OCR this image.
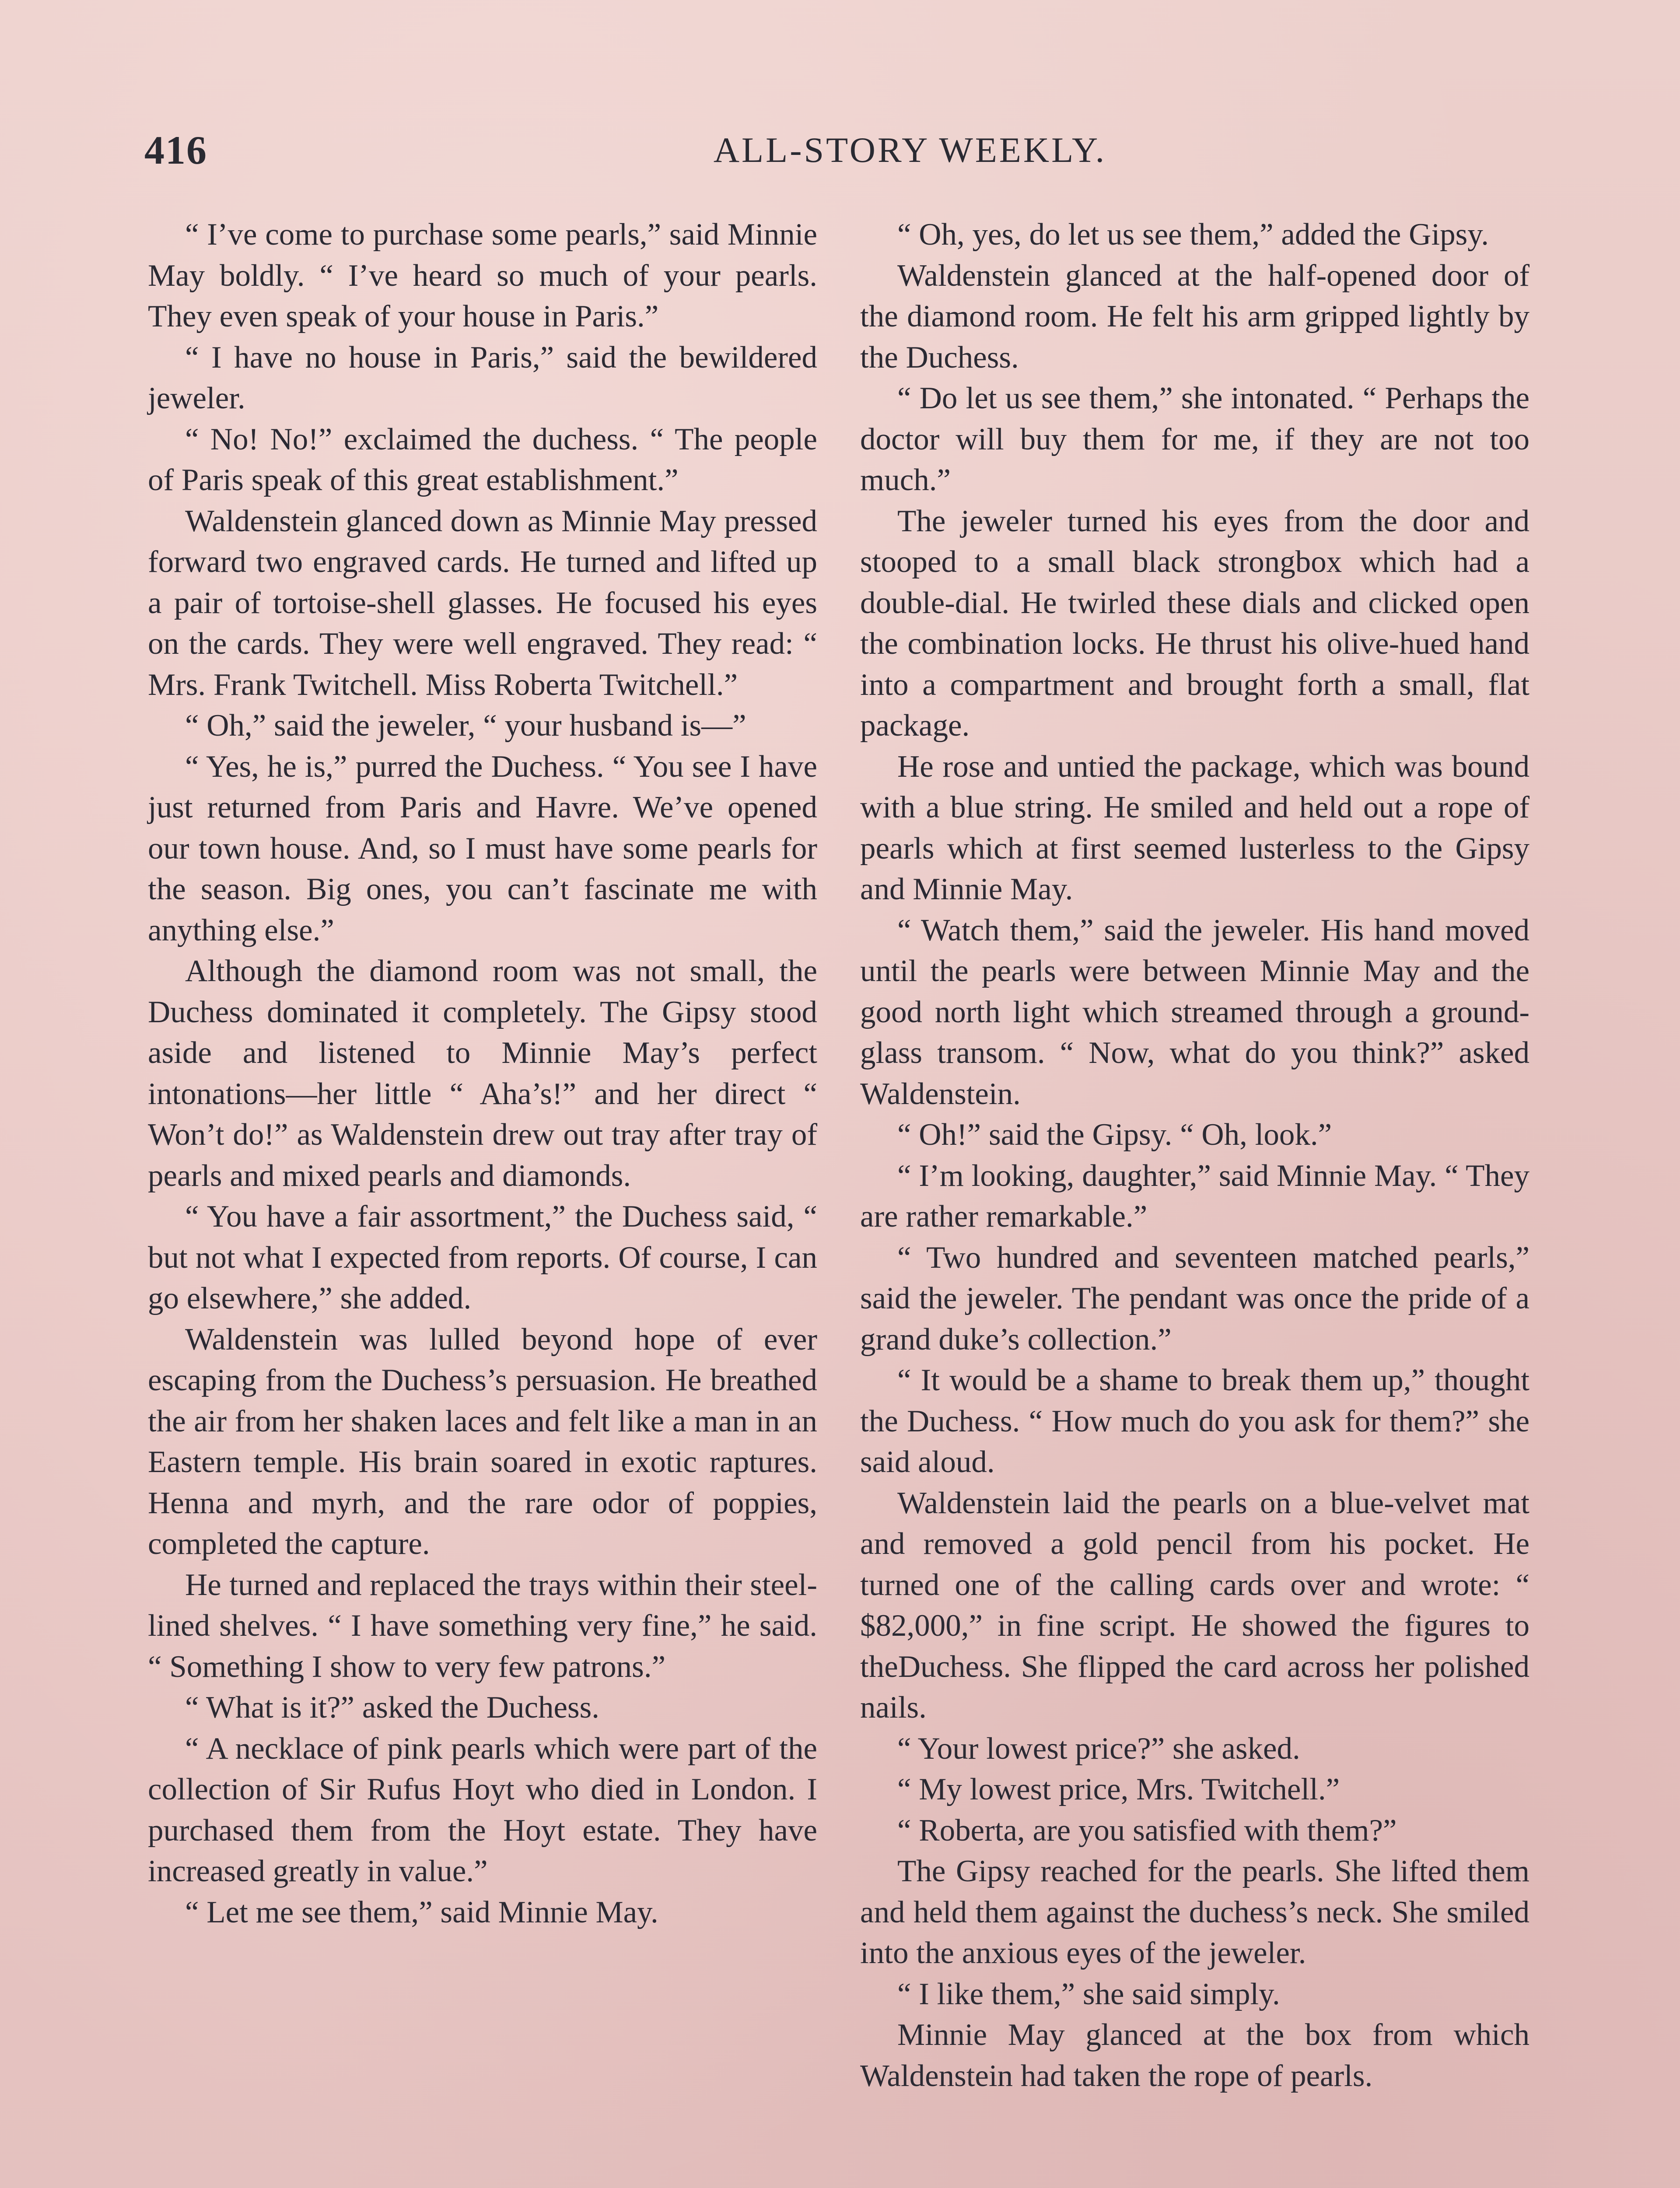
416	ALL-STORY WEEKLY.

“ I’ve come to purchase some pearls,” said Minnie May boldly. “ I’ve heard so much of your pearls. They even speak of your house in Paris.”

“ I have no house in Paris,” said the bewildered jeweler.

“ No! No!” exclaimed the duchess. “ The people of Paris speak of this great establishment.”

Waldenstein glanced down as Minnie May pressed forward two engraved cards. He turned and lifted up a pair of tortoise-shell glasses. He focused his eyes on the cards. They were well engraved. They read: “ Mrs. Frank Twitchell. Miss Roberta Twitchell.”

“ Oh,” said the jeweler, “ your husband is—”

“ Yes, he is,” purred the Duchess. “ You see I have just returned from Paris and Havre. We’ve opened our town house. And, so I must have some pearls for the season. Big ones, you can’t fascinate me with anything else.”

Although the diamond room was not small, the Duchess dominated it completely. The Gipsy stood aside and listened to Minnie May’s perfect intonations—her little “ Aha’s!” and her direct “ Won’t do!” as Waldenstein drew out tray after tray of pearls and mixed pearls and diamonds.

“ You have a fair assortment,” the Duchess said, “ but not what I expected from reports. Of course, I can go elsewhere,” she added.

Waldenstein was lulled beyond hope of ever escaping from the Duchess’s persuasion. He breathed the air from her shaken laces and felt like a man in an Eastern temple. His brain soared in exotic raptures. Henna and myrh, and the rare odor of poppies, completed the capture.

He turned and replaced the trays within their steel-lined shelves. “ I have something very fine,” he said. “ Something I show to very few patrons.”

“ What is it?” asked the Duchess.

“ A necklace of pink pearls which were part of the collection of Sir Rufus Hoyt who died in London. I purchased them from the Hoyt estate. They have increased greatly in value.”

“ Let me see them,” said Minnie May.

“ Oh, yes, do let us see them,” added the Gipsy.

Waldenstein glanced at the half-opened door of the diamond room. He felt his arm gripped lightly by the Duchess.

“ Do let us see them,” she intonated. “ Perhaps the doctor will buy them for me, if they are not too much.”

The jeweler turned his eyes from the door and stooped to a small black strongbox which had a double-dial. He twirled these dials and clicked open the combination locks. He thrust his olive-hued hand into a compartment and brought forth a small, flat package.

He rose and untied the package, which was bound with a blue string. He smiled and held out a rope of pearls which at first seemed lusterless to the Gipsy and Minnie May.

“ Watch them,” said the jeweler. His hand moved until the pearls were between Minnie May and the good north light which streamed through a ground-glass transom. “ Now, what do you think?” asked Waldenstein.

“ Oh!” said the Gipsy. “ Oh, look.”

“ I’m looking, daughter,” said Minnie May. “ They are rather remarkable.”

“ Two hundred and seventeen matched pearls,” said the jeweler. The pendant was once the pride of a grand duke’s collection.”

“ It would be a shame to break them up,” thought the Duchess. “ How much do you ask for them?” she said aloud.

Waldenstein laid the pearls on a blue-velvet mat and removed a gold pencil from his pocket. He turned one of the calling cards over and wrote: “ $82,000,” in fine script. He showed the figures to theDuchess. She flipped the card across her polished nails.

“ Your lowest price?” she asked.

“ My lowest price, Mrs. Twitchell.”

“ Roberta, are you satisfied with them?”

The Gipsy reached for the pearls. She lifted them and held them against the duchess’s neck. She smiled into the anxious eyes of the jeweler.

“ I like them,” she said simply.

Minnie May glanced at the box from which Waldenstein had taken the rope of pearls.
